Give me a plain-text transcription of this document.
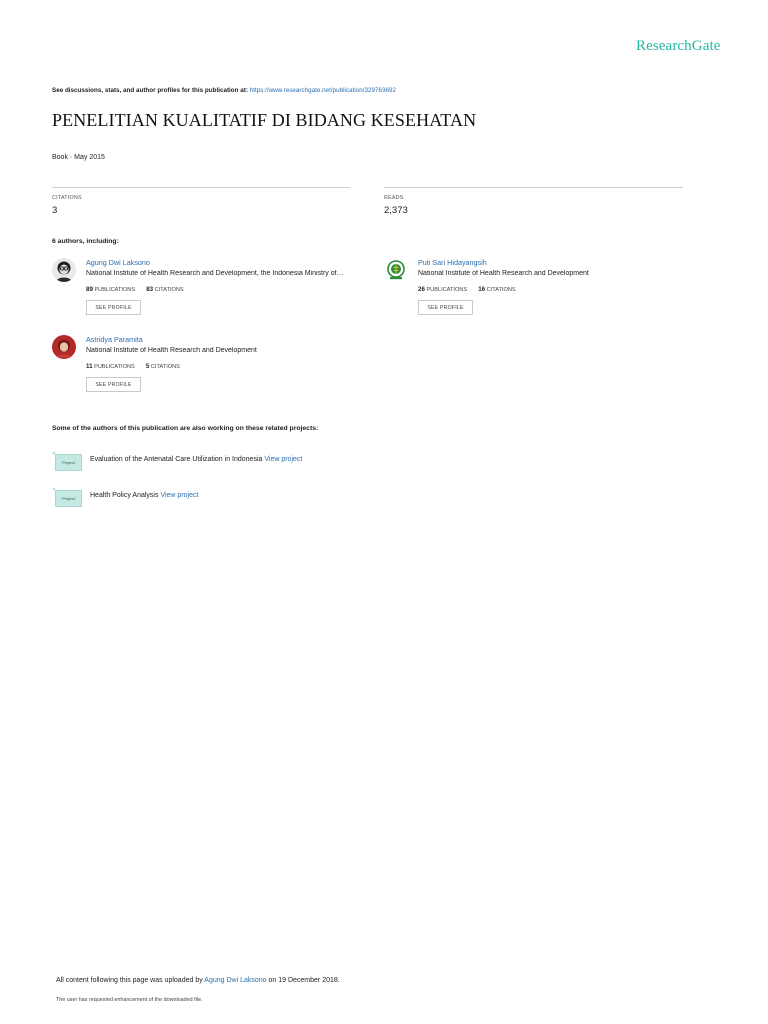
ResearchGate
See discussions, stats, and author profiles for this publication at: https://www.researchgate.net/publication/329763692
PENELITIAN KUALITATIF DI BIDANG KESEHATAN
Book · May 2015
CITATIONS
3
READS
2,373
6 authors, including:
Agung Dwi Laksono
National Institute of Health Research and Development, the Indonesia Ministry of…
89 PUBLICATIONS 83 CITATIONS
SEE PROFILE
Puti Sari Hidayangsih
National Institute of Health Research and Development
26 PUBLICATIONS 16 CITATIONS
SEE PROFILE
Astridya Paramita
National Institute of Health Research and Development
11 PUBLICATIONS 5 CITATIONS
SEE PROFILE
Some of the authors of this publication are also working on these related projects:
Project	Evaluation of the Antenatal Care Utilization in Indonesia View project
Project	Health Policy Analysis View project
All content following this page was uploaded by Agung Dwi Laksono on 19 December 2018.
The user has requested enhancement of the downloaded file.
